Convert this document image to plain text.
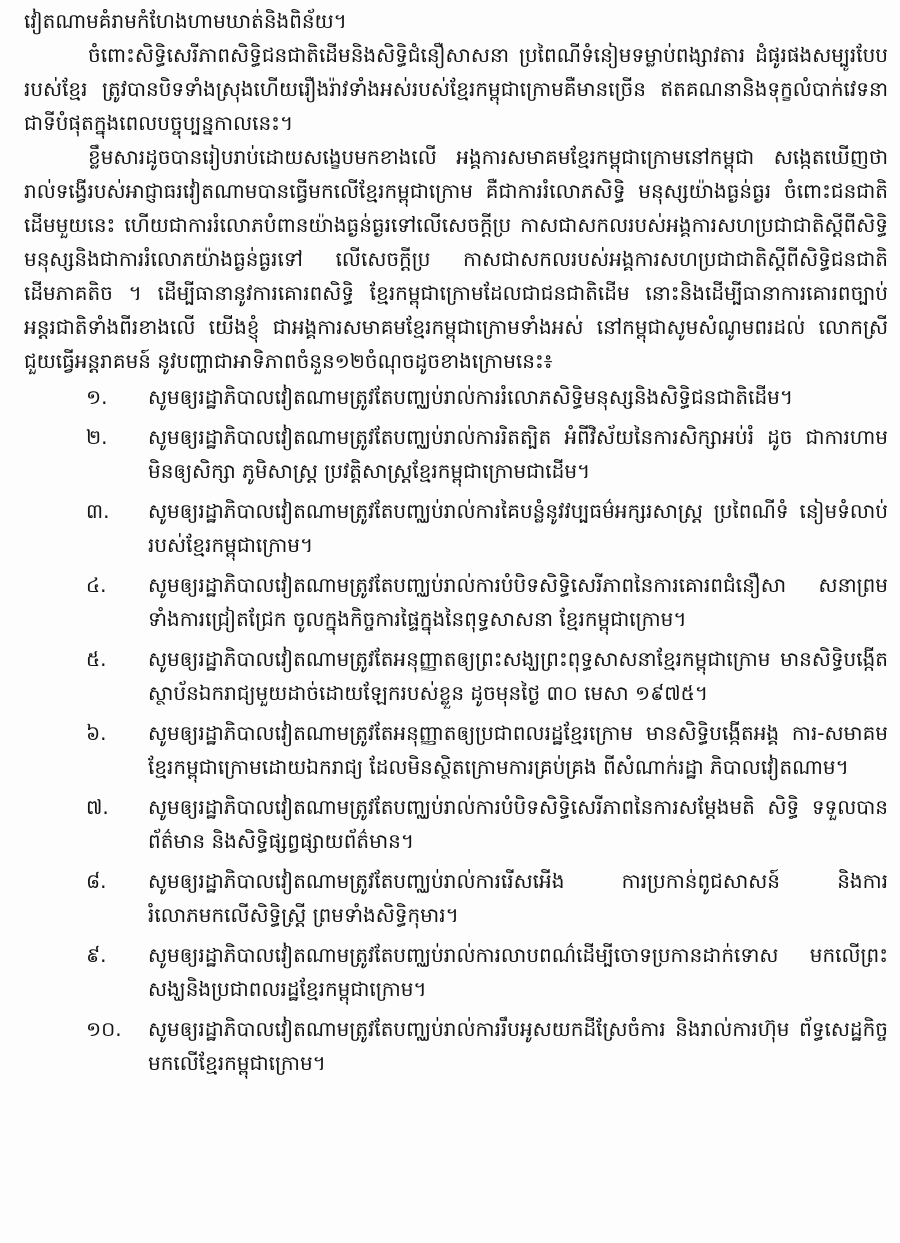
វៀតណាមគំរាមកំហែងហាមឃាត់និងពិន័យ។

ចំពោះសិទ្ធិសេរីភាពសិទ្ធិជនជាតិដើមនិងសិទ្ធិជំនឿសាសនា ប្រពៃណីទំនៀមទម្លាប់ពង្សាវតារ ដំផូរផងសម្បូរបែបរបស់ខ្មែរ ត្រូវបានបិទទាំងស្រុងហើយរឿងរ៉ាវទាំងអស់របស់ខ្មែរកម្ពុជាក្រោមគឺមានច្រើន ឥតគណនានិងទុក្ខលំបាក់វេទនាជាទីបំផុតក្នុងពេលបច្ចុប្បន្នកាលនេះ។

ខ្លឹមសារដូចបានរៀបរាប់ដោយសង្ខេបមកខាងលើ អង្គការសមាគមខ្មែរកម្ពុជាក្រោមនៅកម្ពុជា សង្កេតឃើញថារាល់ទង្វើរបស់អាជ្ញាធរវៀតណាមបានធ្វើមកលើខ្មែរកម្ពុជាក្រោម គឺជាការរំលោភសិទ្ធិ មនុស្សយ៉ាងធ្ងន់ធ្ងរ ចំពោះជនជាតិដើមមួយនេះ ហើយជាការរំលោភបំពានយ៉ាងធ្ងន់ធ្ងរទៅលើសេចក្តីប្រ កាសជាសកលរបស់អង្គការសហប្រជាជាតិស្តីពីសិទ្ធិមនុស្សនិងជាការរំលោភយ៉ាងធ្ងន់ធ្ងរទៅ លើសេចក្តីប្រ កាសជាសកលរបស់អង្គការសហប្រជាជាតិស្តីពីសិទ្ធិជនជាតិដើមភាគតិច ។ ដើម្បីធានានូវការគោរពសិទ្ធិ ខ្មែរកម្ពុជាក្រោមដែលជាជនជាតិដើម នោះនិងដើម្បីធានាការគោរពច្បាប់អន្តរជាតិទាំងពីរខាងលើ យើងខ្ញុំ ជាអង្គការសមាគមខ្មែរកម្ពុជាក្រោមទាំងអស់ នៅកម្ពុជាសូមសំណូមពរដល់ លោកស្រី ជួយធ្វើអន្តរាគមន៍ នូវបញ្ហាជាអាទិភាពចំនួន១២ចំណុចដូចខាងក្រោមនេះ៖

១.	សូមឲ្យរដ្ឋាភិបាលវៀតណាមត្រូវតែបញ្ឈប់រាល់ការរំលោភសិទ្ធិមនុស្សនិងសិទ្ធិជនជាតិដើម។
២.	សូមឲ្យរដ្ឋាភិបាលវៀតណាមត្រូវតែបញ្ឈប់រាល់ការរិតត្បិត អំពីវិស័យនៃការសិក្សាអប់រំ ដូច ជាការហាមមិនឲ្យសិក្សា ភូមិសាស្ត្រ ប្រវត្តិសាស្ត្រខ្មែរកម្ពុជាក្រោមជាដើម។
៣.	សូមឲ្យរដ្ឋាភិបាលវៀតណាមត្រូវតែបញ្ឈប់រាល់ការគៃបន្លំនូវវប្បធម៌អក្សរសាស្ត្រ ប្រពៃណីទំ នៀមទំលាប់ របស់ខ្មែរកម្ពុជាក្រោម។
៤.	សូមឲ្យរដ្ឋាភិបាលវៀតណាមត្រូវតែបញ្ឈប់រាល់ការបំបិទសិទ្ធិសេរីភាពនៃការគោរពជំនឿសា សនាព្រមទាំងការជ្រៀតជ្រែក ចូលក្នុងកិច្ចការផ្ទៃក្នុងនៃពុទ្ធសាសនា ខ្មែរកម្ពុជាក្រោម។
៥.	សូមឲ្យរដ្ឋាភិបាលវៀតណាមត្រូវតែអនុញ្ញាតឲ្យព្រះសង្ឃព្រះពុទ្ធសាសនាខ្មែរកម្ពុជាក្រោម មានសិទ្ធិបង្កើតស្ថាប័នឯករាជ្យមួយដាច់ដោយឡែករបស់ខ្លួន ដូចមុនថ្ងៃ ៣០ មេសា ១៩៧៥។
៦.	សូមឲ្យរដ្ឋាភិបាលវៀតណាមត្រូវតែអនុញ្ញាតឲ្យប្រជាពលរដ្ឋខ្មែរក្រោម មានសិទ្ធិបង្កើតអង្គ ការ-សមាគមខ្មែរកម្ពុជាក្រោមដោយឯករាជ្យ ដែលមិនស្ថិតក្រោមការគ្រប់គ្រង ពីសំណាក់រដ្ឋា ភិបាលវៀតណាម។
៧.	សូមឲ្យរដ្ឋាភិបាលវៀតណាមត្រូវតែបញ្ឈប់រាល់ការបំបិទសិទ្ធិសេរីភាពនៃការសម្តែងមតិ សិទ្ធិ ទទួលបានព័ត៌មាន និងសិទ្ធិផ្សព្វផ្សាយព័ត៌មាន។
៨.	សូមឲ្យរដ្ឋាភិបាលវៀតណាមត្រូវតែបញ្ឈប់រាល់ការរើសអើង ការប្រកាន់ពូជសាសន៍ និងការ រំលោភមកលើសិទ្ធិស្ត្រី ព្រមទាំងសិទ្ធិកុមារ។
៩.	សូមឲ្យរដ្ឋាភិបាលវៀតណាមត្រូវតែបញ្ឈប់រាល់ការលាបពណ៌ដើម្បីចោទប្រកានដាក់ទោស មកលើព្រះសង្ឃនិងប្រជាពលរដ្ឋខ្មែរកម្ពុជាក្រោម។
១០.	សូមឲ្យរដ្ឋាភិបាលវៀតណាមត្រូវតែបញ្ឈប់រាល់ការរឹបអូសយកដីស្រែចំការ និងរាល់ការហ៊ុម ព័ទ្ធសេដ្ឋកិច្ច មកលើខ្មែរកម្ពុជាក្រោម។
